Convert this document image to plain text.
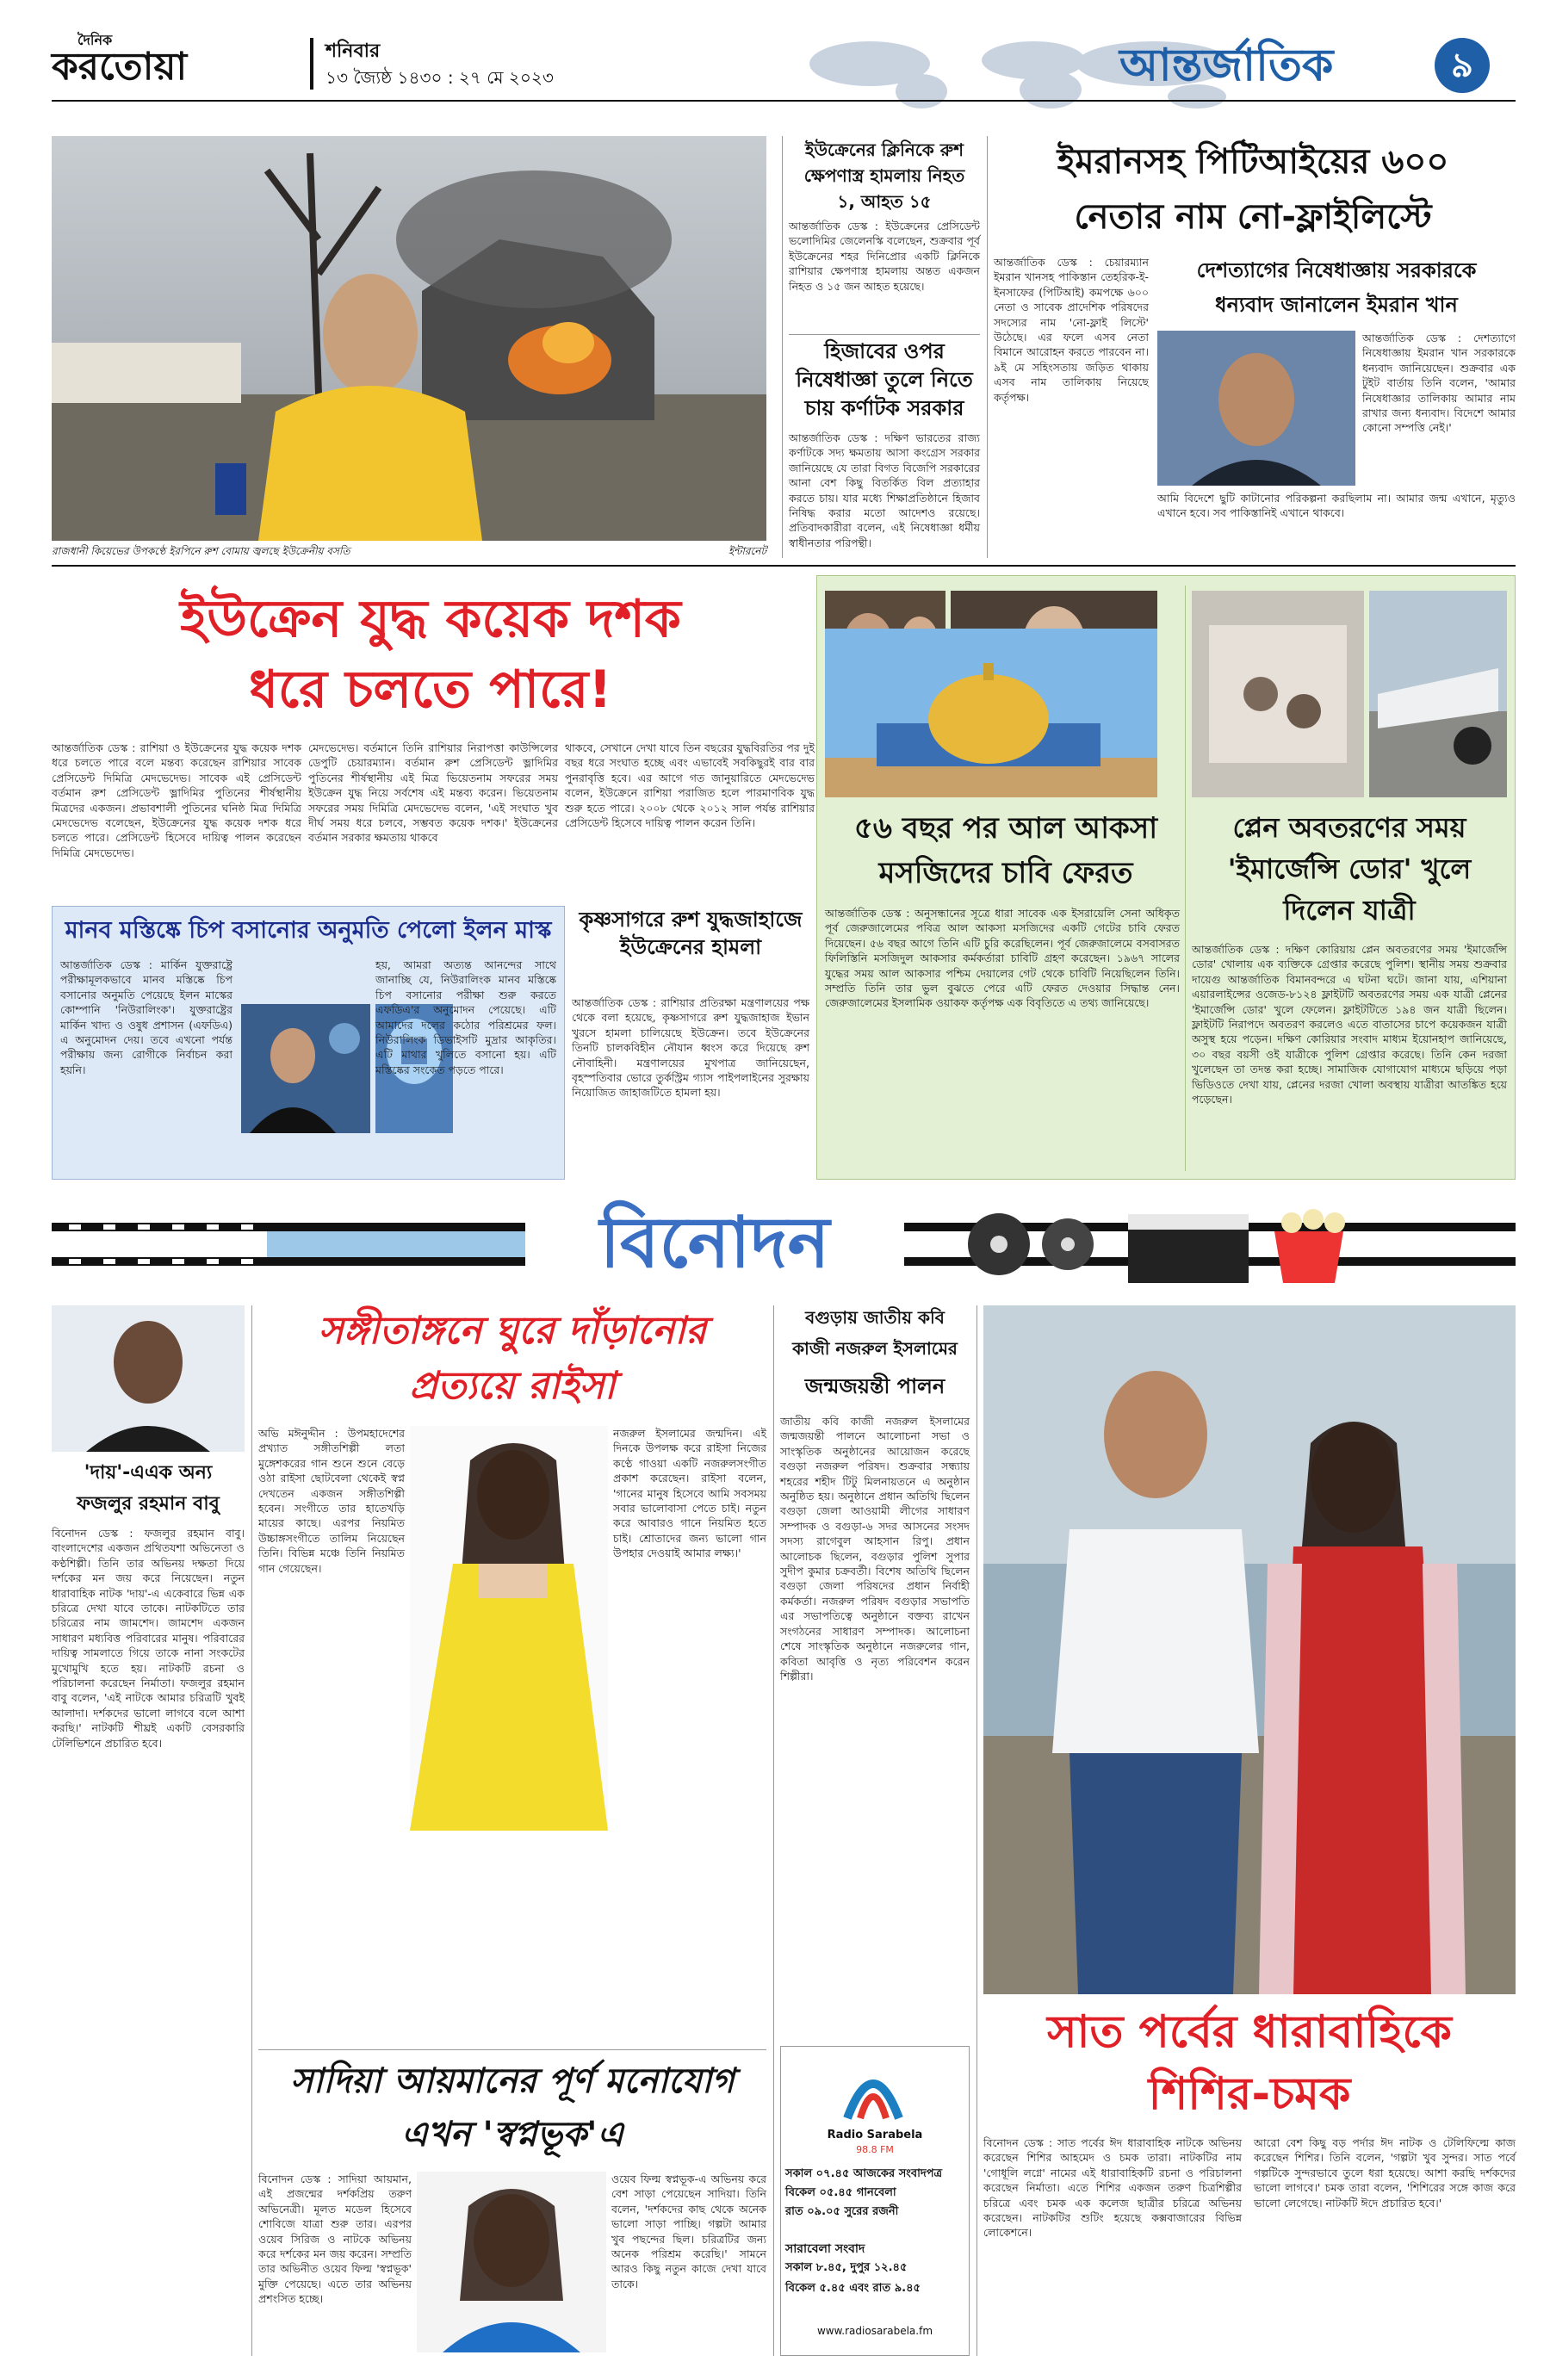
দৈনিক
করতোয়া	শনিবার
১৩ জ্যৈষ্ঠ ১৪৩০ : ২৭ মে ২০২৩	আন্তর্জাতিক	৯
রাজধানী কিয়েভের উপকণ্ঠে ইরপিনে রুশ বোমায় জ্বলছে ইউক্রেনীয় বসতি	ইন্টারনেট
ইউক্রেনের ক্লিনিকে রুশ
ক্ষেপণাস্ত্র হামলায় নিহত
১, আহত ১৫
আন্তর্জাতিক ডেস্ক : ইউক্রেনের প্রেসিডেন্ট ভলোদিমির জেলেনস্কি বলেছেন, শুক্রবার পূর্ব ইউক্রেনের শহর দিনিপ্রোর একটি ক্লিনিকে রাশিয়ার ক্ষেপণাস্ত্র হামলায় অন্তত একজন নিহত ও ১৫ জন আহত হয়েছে।
হিজাবের ওপর নিষেধাজ্ঞা তুলে নিতে চায় কর্ণাটক সরকার
আন্তর্জাতিক ডেস্ক : দক্ষিণ ভারতের রাজ্য কর্ণাটকে সদ্য ক্ষমতায় আসা কংগ্রেস সরকার জানিয়েছে যে তারা বিগত বিজেপি সরকারের আনা বেশ কিছু বিতর্কিত বিল প্রত্যাহার করতে চায়। যার মধ্যে শিক্ষাপ্রতিষ্ঠানে হিজাব নিষিদ্ধ করার মতো আদেশও রয়েছে। প্রতিবাদকারীরা বলেন, এই নিষেধাজ্ঞা ধর্মীয় স্বাধীনতার পরিপন্থী।
ইমরানসহ পিটিআইয়ের ৬০০
নেতার নাম নো-ফ্লাইলিস্টে
আন্তর্জাতিক ডেস্ক : চেয়ারম্যান ইমরান খানসহ পাকিস্তান তেহরিক-ই-ইনসাফের (পিটিআই) কমপক্ষে ৬০০ নেতা ও সাবেক প্রাদেশিক পরিষদের সদস্যের নাম 'নো-ফ্লাই লিস্টে' উঠেছে। এর ফলে এসব নেতা বিমানে আরোহন করতে পারবেন না। ৯ই মে সহিংসতায় জড়িত থাকায় এসব নাম তালিকায় নিয়েছে কর্তৃপক্ষ।
দেশত্যাগের নিষেধাজ্ঞায় সরকারকে
ধন্যবাদ জানালেন ইমরান খান
আন্তর্জাতিক ডেস্ক : দেশত্যাগে নিষেধাজ্ঞায় ইমরান খান সরকারকে ধন্যবাদ জানিয়েছেন। শুক্রবার এক টুইট বার্তায় তিনি বলেন, 'আমার নিষেধাজ্ঞার তালিকায় আমার নাম রাখার জন্য ধন্যবাদ। বিদেশে আমার কোনো সম্পত্তি নেই।'
আমি বিদেশে ছুটি কাটানোর পরিকল্পনা করছিলাম না। আমার জন্ম এখানে, মৃত্যুও এখানে হবে। সব পাকিস্তানিই এখানে থাকবে।
ইউক্রেন যুদ্ধ কয়েক দশক
ধরে চলতে পারে!
আন্তর্জাতিক ডেস্ক : রাশিয়া ও ইউক্রেনের যুদ্ধ কয়েক দশক ধরে চলতে পারে বলে মন্তব্য করেছেন রাশিয়ার সাবেক প্রেসিডেন্ট দিমিত্রি মেদভেদেভ। সাবেক এই প্রেসিডেন্ট বর্তমান রুশ প্রেসিডেন্ট ভ্লাদিমির পুতিনের শীর্ষস্থানীয় মিত্রদের একজন। প্রভাবশালী পুতিনের ঘনিষ্ঠ মিত্র দিমিত্রি মেদভেদেভ বলেছেন, ইউক্রেনের যুদ্ধ কয়েক দশক ধরে চলতে পারে। প্রেসিডেন্ট হিসেবে দায়িত্ব পালন করেছেন দিমিত্রি মেদভেদেভ।
মেদভেদেভ। বর্তমানে তিনি রাশিয়ার নিরাপত্তা কাউন্সিলের ডেপুটি চেয়ারম্যান। বর্তমান রুশ প্রেসিডেন্ট ভ্লাদিমির পুতিনের শীর্ষস্থানীয় এই মিত্র ভিয়েতনাম সফরের সময় ইউক্রেন যুদ্ধ নিয়ে সর্বশেষ এই মন্তব্য করেন। ভিয়েতনাম সফরের সময় দিমিত্রি মেদভেদেভ বলেন, 'এই সংঘাত খুব দীর্ঘ সময় ধরে চলবে, সম্ভবত কয়েক দশক।' ইউক্রেনের বর্তমান সরকার ক্ষমতায় থাকবে
থাকবে, সেখানে দেখা যাবে তিন বছরের যুদ্ধবিরতির পর দুই বছর ধরে সংঘাত হচ্ছে এবং এভাবেই সবকিছুরই বার বার পুনরাবৃত্তি হবে। এর আগে গত জানুয়ারিতে মেদভেদেভ বলেন, ইউক্রেনে রাশিয়া পরাজিত হলে পারমাণবিক যুদ্ধ শুরু হতে পারে। ২০০৮ থেকে ২০১২ সাল পর্যন্ত রাশিয়ার প্রেসিডেন্ট হিসেবে দায়িত্ব পালন করেন তিনি।
মানব মস্তিষ্কে চিপ বসানোর অনুমতি পেলো ইলন মাস্ক
আন্তর্জাতিক ডেস্ক : মার্কিন যুক্তরাষ্ট্রে পরীক্ষামূলকভাবে মানব মস্তিষ্কে চিপ বসানোর অনুমতি পেয়েছে ইলন মাস্কের কোম্পানি 'নিউরালিংক'। যুক্তরাষ্ট্রের মার্কিন খাদ্য ও ওষুধ প্রশাসন (এফডিএ) এ অনুমোদন দেয়। তবে এখনো পর্যন্ত পরীক্ষায় জন্য রোগীকে নির্বাচন করা হয়নি।
হয়, আমরা অত্যন্ত আনন্দের সাথে জানাচ্ছি যে, নিউরালিংক মানব মস্তিষ্কে চিপ বসানোর পরীক্ষা শুরু করতে এফডিএ'র অনুমোদন পেয়েছে। এটি আমাদের দলের কঠোর পরিশ্রমের ফল। নিউরালিংক ডিভাইসটি মুদ্রার আকৃতির। এটি মাথার খুলিতে বসানো হয়। এটি মস্তিষ্কের সংকেত পড়তে পারে।
কৃষ্ণসাগরে রুশ যুদ্ধজাহাজে ইউক্রেনের হামলা
আন্তর্জাতিক ডেস্ক : রাশিয়ার প্রতিরক্ষা মন্ত্রণালয়ের পক্ষ থেকে বলা হয়েছে, কৃষ্ণসাগরে রুশ যুদ্ধজাহাজ ইভান খুরসে হামলা চালিয়েছে ইউক্রেন। তবে ইউক্রেনের তিনটি চালকবিহীন নৌযান ধ্বংস করে দিয়েছে রুশ নৌবাহিনী। মন্ত্রণালয়ের মুখপাত্র জানিয়েছেন, বৃহস্পতিবার ভোরে তুর্কস্ট্রিম গ্যাস পাইপলাইনের সুরক্ষায় নিয়োজিত জাহাজটিতে হামলা হয়।
৫৬ বছর পর আল আকসা
মসজিদের চাবি ফেরত
আন্তর্জাতিক ডেস্ক : অনুসন্ধানের সূত্রে ধারা সাবেক এক ইসরায়েলি সেনা অধিকৃত পূর্ব জেরুজালেমের পবিত্র আল আকসা মসজিদের একটি গেটের চাবি ফেরত দিয়েছেন। ৫৬ বছর আগে তিনি এটি চুরি করেছিলেন। পূর্ব জেরুজালেমে বসবাসরত ফিলিস্তিনি মসজিদুল আকসার কর্মকর্তারা চাবিটি গ্রহণ করেছেন। ১৯৬৭ সালের যুদ্ধের সময় আল আকসার পশ্চিম দেয়ালের গেট থেকে চাবিটি নিয়েছিলেন তিনি। সম্প্রতি তিনি তার ভুল বুঝতে পেরে এটি ফেরত দেওয়ার সিদ্ধান্ত নেন। জেরুজালেমের ইসলামিক ওয়াকফ কর্তৃপক্ষ এক বিবৃতিতে এ তথ্য জানিয়েছে।
প্লেন অবতরণের সময়
'ইমার্জেন্সি ডোর' খুলে
দিলেন যাত্রী
আন্তর্জাতিক ডেস্ক : দক্ষিণ কোরিয়ায় প্লেন অবতরণের সময় 'ইমার্জেন্সি ডোর' খোলায় এক ব্যক্তিকে গ্রেপ্তার করেছে পুলিশ। স্থানীয় সময় শুক্রবার দায়েগু আন্তর্জাতিক বিমানবন্দরে এ ঘটনা ঘটে। জানা যায়, এশিয়ানা এয়ারলাইন্সের ওজেড-৮১২৪ ফ্লাইটটি অবতরণের সময় এক যাত্রী প্লেনের 'ইমার্জেন্সি ডোর' খুলে ফেলেন। ফ্লাইটটিতে ১৯৪ জন যাত্রী ছিলেন। ফ্লাইটটি নিরাপদে অবতরণ করলেও এতে বাতাসের চাপে কয়েকজন যাত্রী অসুস্থ হয়ে পড়েন। দক্ষিণ কোরিয়ার সংবাদ মাধ্যম ইয়োনহাপ জানিয়েছে, ৩০ বছর বয়সী ওই যাত্রীকে পুলিশ গ্রেপ্তার করেছে। তিনি কেন দরজা খুলেছেন তা তদন্ত করা হচ্ছে। সামাজিক যোগাযোগ মাধ্যমে ছড়িয়ে পড়া ভিডিওতে দেখা যায়, প্লেনের দরজা খোলা অবস্থায় যাত্রীরা আতঙ্কিত হয়ে পড়েছেন।
বিনোদন
'দায়'-এএক অন্য
ফজলুর রহমান বাবু
বিনোদন ডেস্ক : ফজলুর রহমান বাবু। বাংলাদেশের একজন প্রথিতযশা অভিনেতা ও কণ্ঠশিল্পী। তিনি তার অভিনয় দক্ষতা দিয়ে দর্শকের মন জয় করে নিয়েছেন। নতুন ধারাবাহিক নাটক 'দায়'-এ একেবারে ভিন্ন এক চরিত্রে দেখা যাবে তাকে। নাটকটিতে তার চরিত্রের নাম জামশেদ। জামশেদ একজন সাধারণ মধ্যবিত্ত পরিবারের মানুষ। পরিবারের দায়িত্ব সামলাতে গিয়ে তাকে নানা সংকটের মুখোমুখি হতে হয়। নাটকটি রচনা ও পরিচালনা করেছেন নির্মাতা। ফজলুর রহমান বাবু বলেন, 'এই নাটকে আমার চরিত্রটি খুবই আলাদা। দর্শকদের ভালো লাগবে বলে আশা করছি।' নাটকটি শীঘ্রই একটি বেসরকারি টেলিভিশনে প্রচারিত হবে।
সঙ্গীতাঙ্গনে ঘুরে দাঁড়ানোর
প্রত্যয়ে রাইসা
অভি মঈনুদ্দীন : উপমহাদেশের প্রখ্যাত সঙ্গীতশিল্পী লতা মুঙ্গেশকরের গান শুনে শুনে বেড়ে ওঠা রাইসা ছোটবেলা থেকেই স্বপ্ন দেখতেন একজন সঙ্গীতশিল্পী হবেন। সংগীতে তার হাতেখড়ি মায়ের কাছে। এরপর নিয়মিত উচ্চাঙ্গসংগীতে তালিম নিয়েছেন তিনি। বিভিন্ন মঞ্চে তিনি নিয়মিত গান গেয়েছেন।
নজরুল ইসলামের জন্মদিন। এই দিনকে উপলক্ষ করে রাইসা নিজের কণ্ঠে গাওয়া একটি নজরুলসংগীত প্রকাশ করেছেন। রাইসা বলেন, 'গানের মানুষ হিসেবে আমি সবসময় সবার ভালোবাসা পেতে চাই। নতুন করে আবারও গানে নিয়মিত হতে চাই। শ্রোতাদের জন্য ভালো গান উপহার দেওয়াই আমার লক্ষ্য।'
সাদিয়া আয়মানের পূর্ণ মনোযোগ
এখন 'স্বপ্নভূক'এ
বিনোদন ডেস্ক : সাদিয়া আয়মান, এই প্রজন্মের দর্শকপ্রিয় তরুণ অভিনেত্রী। মূলত মডেল হিসেবে শোবিজে যাত্রা শুরু তার। এরপর ওয়েব সিরিজ ও নাটকে অভিনয় করে দর্শকের মন জয় করেন। সম্প্রতি তার অভিনীত ওয়েব ফিল্ম 'স্বপ্নভূক' মুক্তি পেয়েছে। এতে তার অভিনয় প্রশংসিত হচ্ছে।
ওয়েব ফিল্ম স্বপ্নভূক-এ অভিনয় করে বেশ সাড়া পেয়েছেন সাদিয়া। তিনি বলেন, 'দর্শকদের কাছ থেকে অনেক ভালো সাড়া পাচ্ছি। গল্পটা আমার খুব পছন্দের ছিল। চরিত্রটির জন্য অনেক পরিশ্রম করেছি।' সামনে আরও কিছু নতুন কাজে দেখা যাবে তাকে।
বগুড়ায় জাতীয় কবি
কাজী নজরুল ইসলামের
জন্মজয়ন্তী পালন
জাতীয় কবি কাজী নজরুল ইসলামের জন্মজয়ন্তী পালনে আলোচনা সভা ও সাংস্কৃতিক অনুষ্ঠানের আয়োজন করেছে বগুড়া নজরুল পরিষদ। শুক্রবার সন্ধ্যায় শহরের শহীদ টিটু মিলনায়তনে এ অনুষ্ঠান অনুষ্ঠিত হয়। অনুষ্ঠানে প্রধান অতিথি ছিলেন বগুড়া জেলা আওয়ামী লীগের সাধারণ সম্পাদক ও বগুড়া-৬ সদর আসনের সংসদ সদস্য রাগেবুল আহসান রিপু। প্রধান আলোচক ছিলেন, বগুড়ার পুলিশ সুপার সুদীপ কুমার চক্রবর্তী। বিশেষ অতিথি ছিলেন বগুড়া জেলা পরিষদের প্রধান নির্বাহী কর্মকর্তা। নজরুল পরিষদ বগুড়ার সভাপতি এর সভাপতিত্বে অনুষ্ঠানে বক্তব্য রাখেন সংগঠনের সাধারণ সম্পাদক। আলোচনা শেষে সাংস্কৃতিক অনুষ্ঠানে নজরুলের গান, কবিতা আবৃত্তি ও নৃত্য পরিবেশন করেন শিল্পীরা।
Radio Sarabela
98.8 FM
সকাল ০৭.৪৫ আজকের সংবাদপত্র
বিকেল ০৫.৪৫ গানবেলা
রাত ০৯.০৫ সুরের রজনী
সারাবেলা সংবাদ
সকাল ৮.৪৫, দুপুর ১২.৪৫
বিকেল ৫.৪৫ এবং রাত ৯.৪৫
www.radiosarabela.fm
সাত পর্বের ধারাবাহিকে
শিশির-চমক
বিনোদন ডেস্ক : সাত পর্বের ঈদ ধারাবাহিক নাটকে অভিনয় করেছেন শিশির আহমেদ ও চমক তারা। নাটকটির নাম 'গোধূলি লগ্নে' নামের এই ধারাবাহিকটি রচনা ও পরিচালনা করেছেন নির্মাতা। এতে শিশির একজন তরুণ চিত্রশিল্পীর চরিত্রে এবং চমক এক কলেজ ছাত্রীর চরিত্রে অভিনয় করেছেন। নাটকটির শুটিং হয়েছে কক্সবাজারের বিভিন্ন লোকেশনে।
আরো বেশ কিছু বড় পর্দার ঈদ নাটক ও টেলিফিল্মে কাজ করেছেন শিশির। তিনি বলেন, 'গল্পটা খুব সুন্দর। সাত পর্বে গল্পটিকে সুন্দরভাবে তুলে ধরা হয়েছে। আশা করছি দর্শকদের ভালো লাগবে।' চমক তারা বলেন, 'শিশিরের সঙ্গে কাজ করে ভালো লেগেছে। নাটকটি ঈদে প্রচারিত হবে।'
